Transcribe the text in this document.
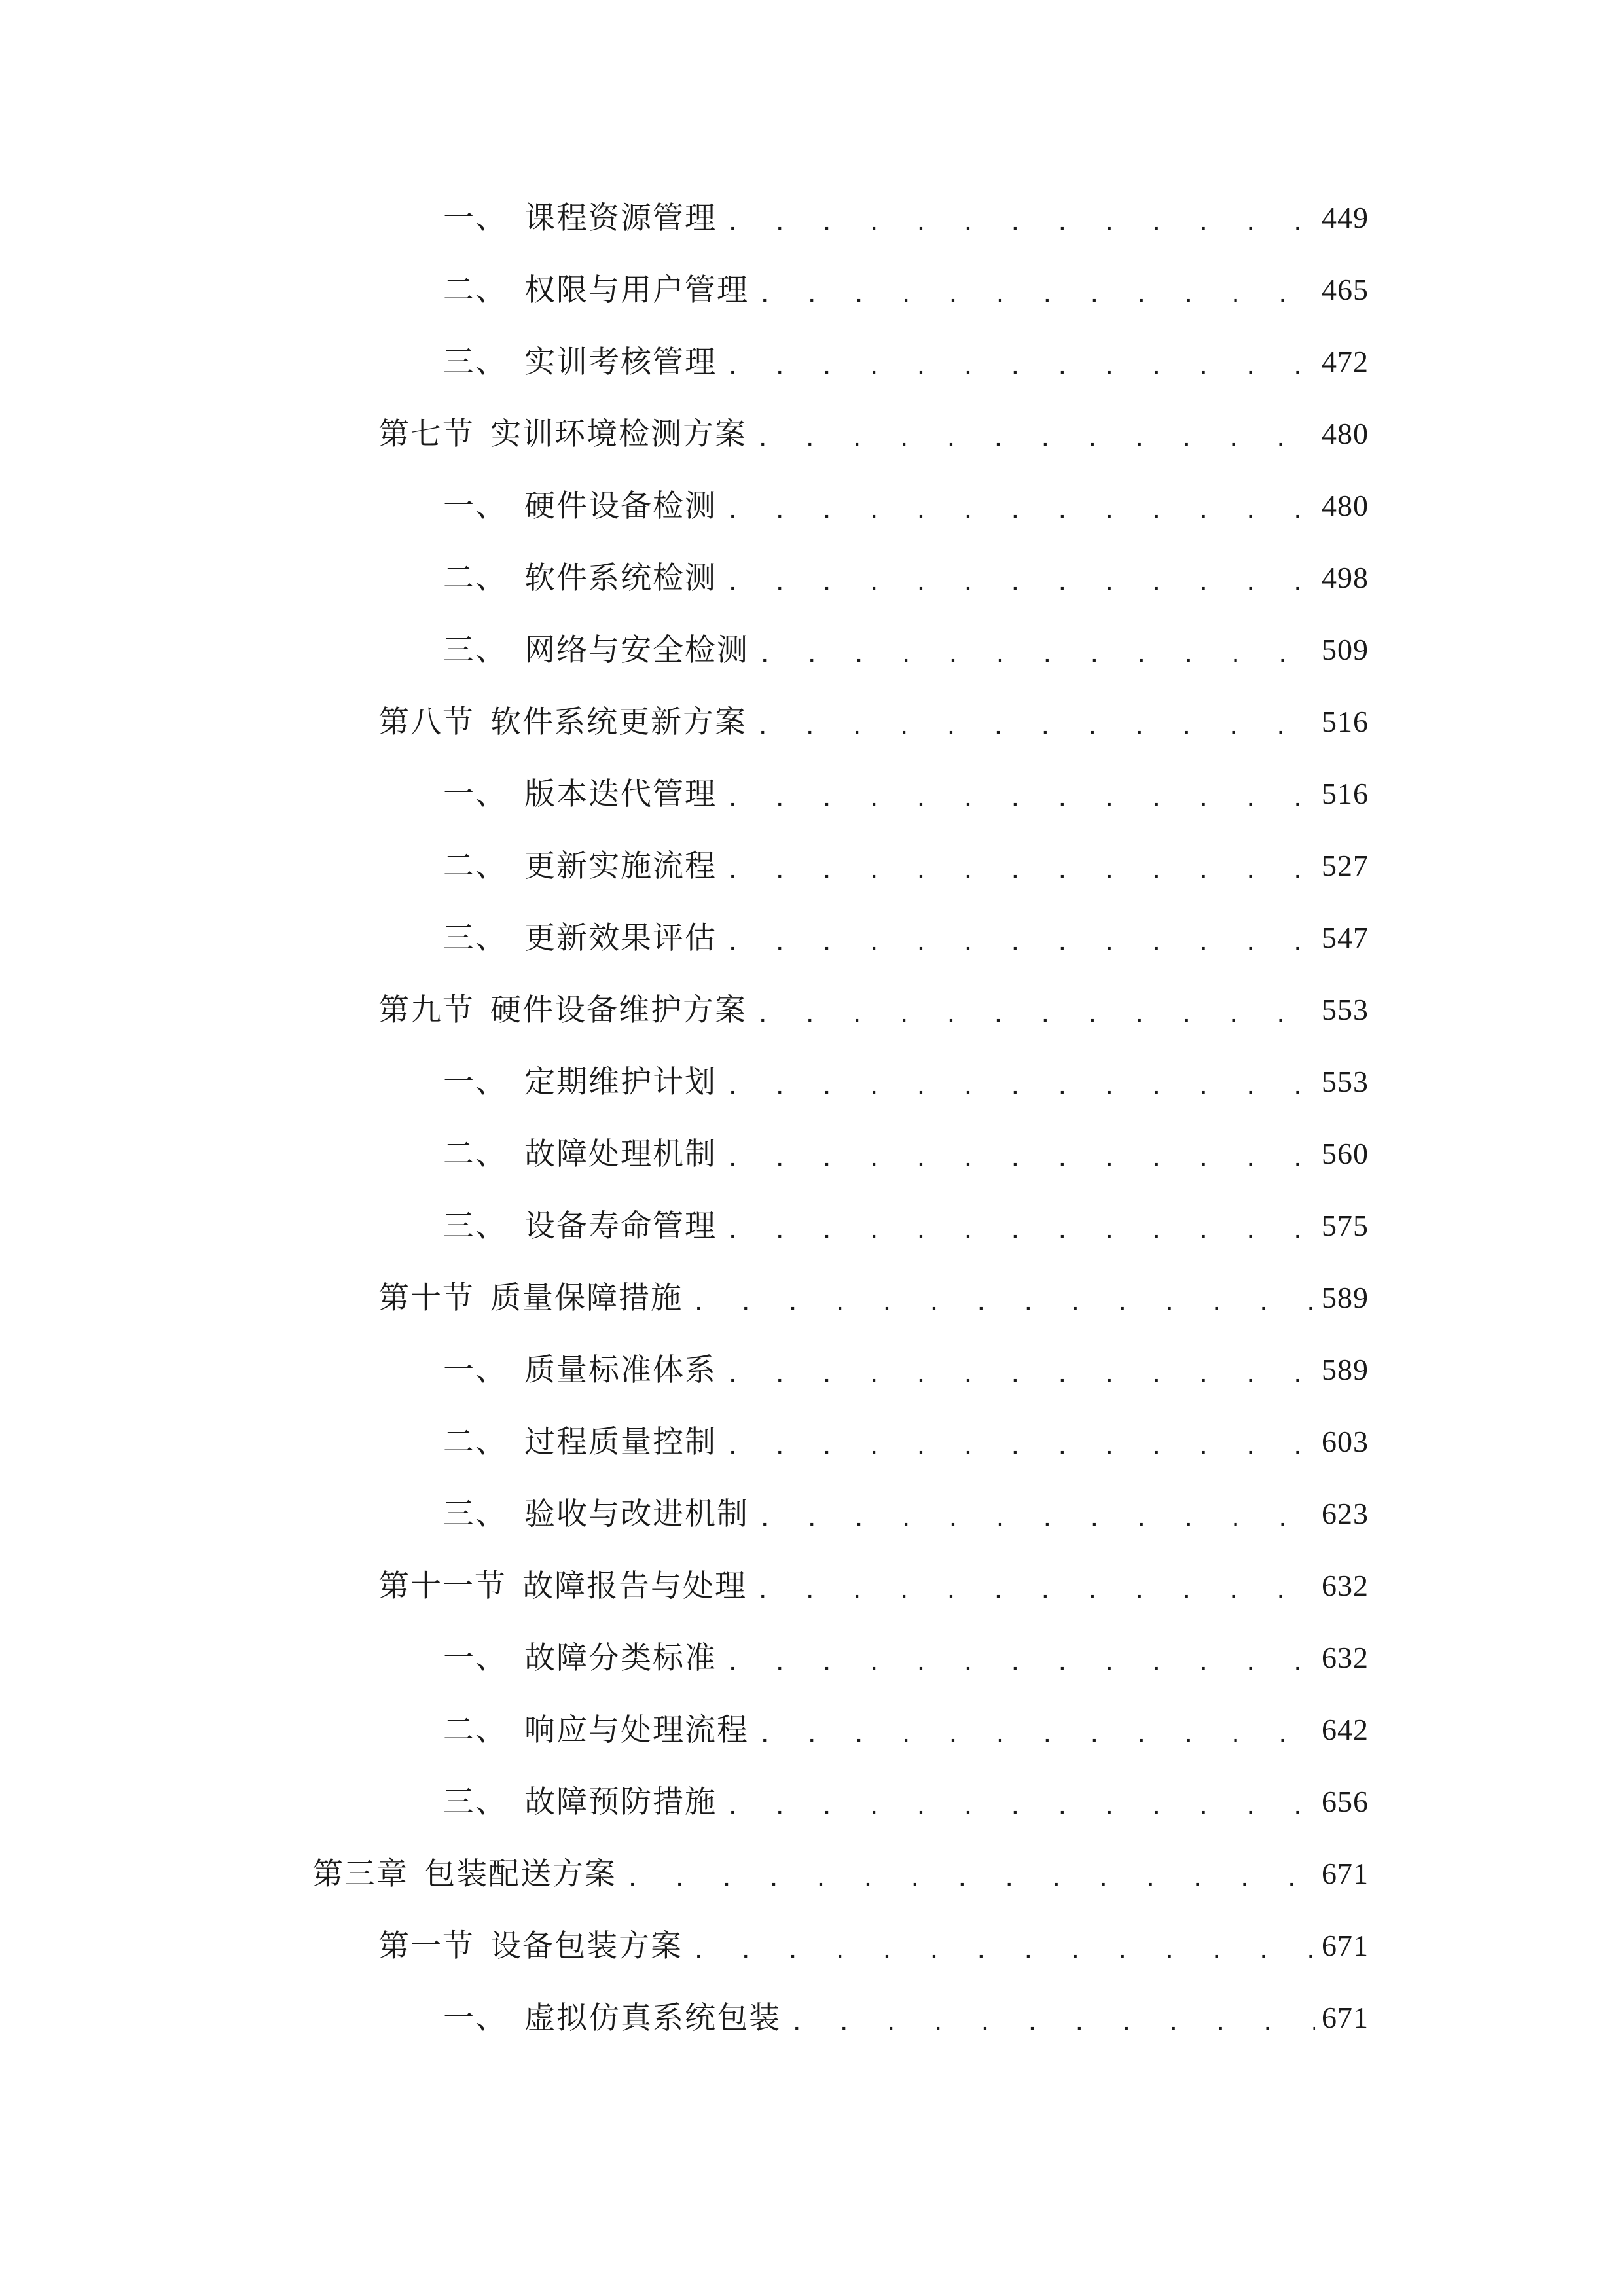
一、 课程资源管理 . . .	449
二、 权限与用户管理 . . .	465
三、 实训考核管理 . . .	472
第七节 实训环境检测方案 . . .	480
一、 硬件设备检测 . . .	480
二、 软件系统检测 . . .	498
三、 网络与安全检测 . . .	509
第八节 软件系统更新方案 . . .	516
一、 版本迭代管理 . . .	516
二、 更新实施流程 . . .	527
三、 更新效果评估 . . .	547
第九节 硬件设备维护方案 . . .	553
一、 定期维护计划 . . .	553
二、 故障处理机制 . . .	560
三、 设备寿命管理 . . .	575
第十节 质量保障措施 . . .	589
一、 质量标准体系 . . .	589
二、 过程质量控制 . . .	603
三、 验收与改进机制 . . .	623
第十一节 故障报告与处理 . . .	632
一、 故障分类标准 . . .	632
二、 响应与处理流程 . . .	642
三、 故障预防措施 . . .	656
第三章 包装配送方案 . . .	671
第一节 设备包装方案 . . .	671
一、 虚拟仿真系统包装 . . .	671
